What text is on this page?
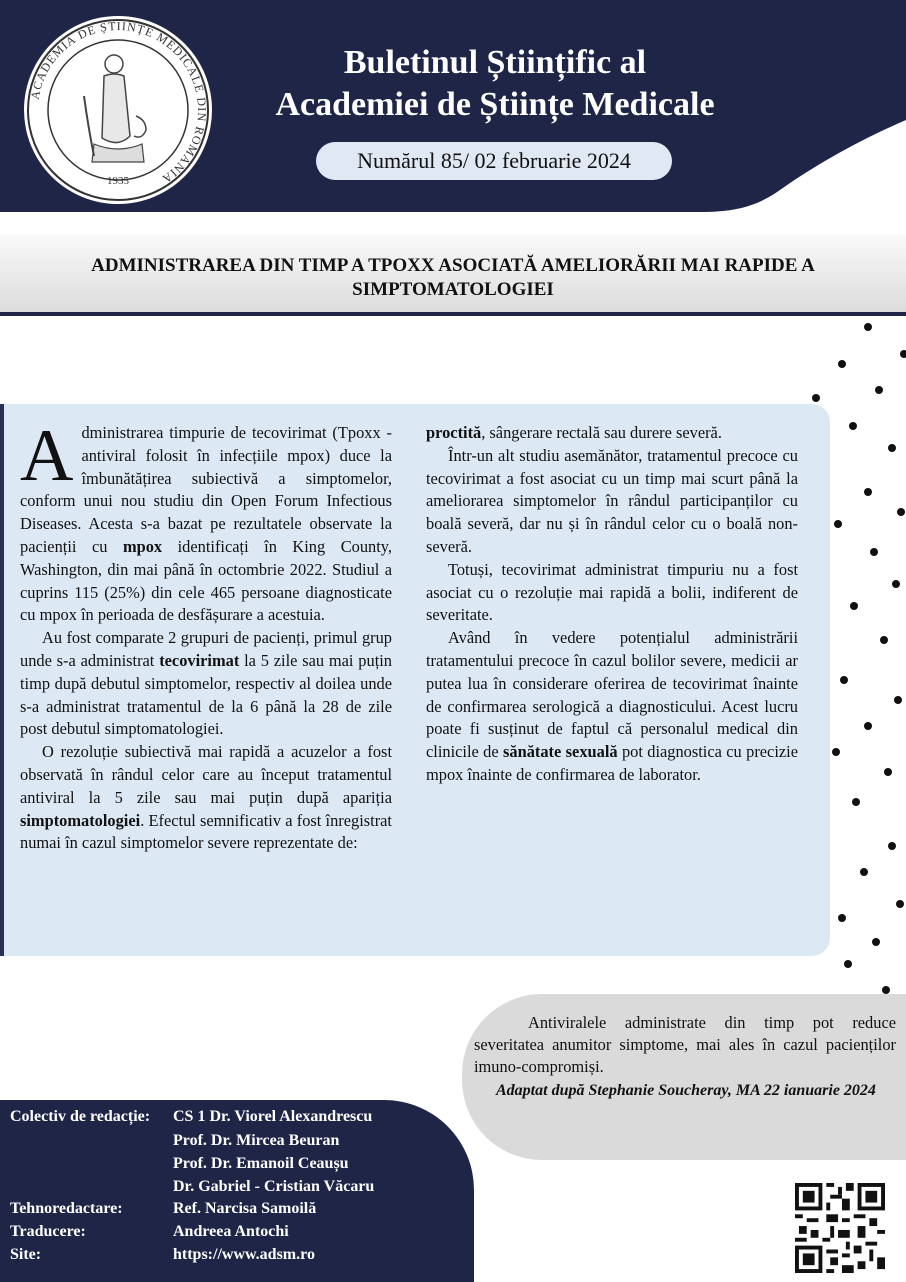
ACADEMIA DE ȘTIINȚE MEDICALE DIN ROMÂNIA
1935
Buletinul Științific al
Academiei de Științe Medicale
Numărul 85/ 02 februarie 2024
ADMINISTRAREA DIN TIMP A TPOXX ASOCIATĂ AMELIORĂRII MAI RAPIDE A SIMPTOMATOLOGIEI

Administrarea timpurie de tecovirimat (Tpoxx - antiviral folosit în infecțiile mpox) duce la îmbunătățirea subiectivă a simptomelor, conform unui nou studiu din Open Forum Infectious Diseases. Acesta s-a bazat pe rezultatele observate la pacienții cu mpox identificați în King County, Washington, din mai până în octombrie 2022. Studiul a cuprins 115 (25%) din cele 465 persoane diagnosticate cu mpox în perioada de desfășurare a acestuia.

Au fost comparate 2 grupuri de pacienți, primul grup unde s-a administrat tecovirimat la 5 zile sau mai puțin timp după debutul simptomelor, respectiv al doilea unde s-a administrat tratamentul de la 6 până la 28 de zile post debutul simptomatologiei.

O rezoluție subiectivă mai rapidă a acuzelor a fost observată în rândul celor care au început tratamentul antiviral la 5 zile sau mai puțin după apariția simptomatologiei. Efectul semnificativ a fost înregistrat numai în cazul simptomelor severe reprezentate de:

proctită, sângerare rectală sau durere severă.

Într-un alt studiu asemănător, tratamentul precoce cu tecovirimat a fost asociat cu un timp mai scurt până la ameliorarea simptomelor în rândul participanților cu boală severă, dar nu și în rândul celor cu o boală non-severă.

Totuși, tecovirimat administrat timpuriu nu a fost asociat cu o rezoluție mai rapidă a bolii, indiferent de severitate.

Având în vedere potențialul administrării tratamentului precoce în cazul bolilor severe, medicii ar putea lua în considerare oferirea de tecovirimat înainte de confirmarea serologică a diagnosticului. Acest lucru poate fi susținut de faptul că personalul medical din clinicile de sănătate sexuală pot diagnostica cu precizie mpox înainte de confirmarea de laborator.

Antiviralele administrate din timp pot reduce severitatea anumitor simptome, mai ales în cazul pacienților imuno-compromiși.
Adaptat după Stephanie Soucheray, MA 22 ianuarie 2024
Colectiv de redacție: CS 1 Dr. Viorel Alexandrescu
Prof. Dr. Mircea Beuran
Prof. Dr. Emanoil Ceaușu
Dr. Gabriel - Cristian Văcaru
Tehnoredactare:	Ref. Narcisa Samoilă
Traducere:	Andreea Antochi
Site:	https://www.adsm.ro
